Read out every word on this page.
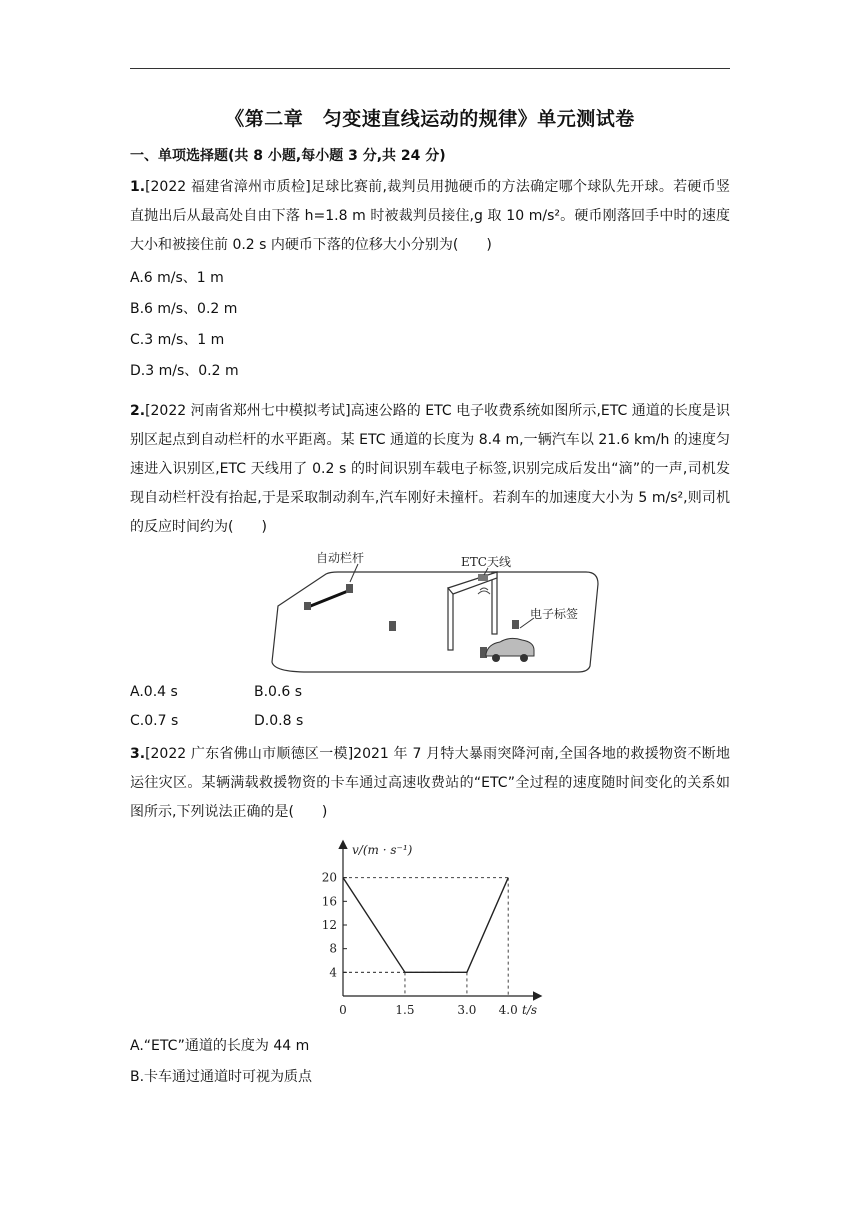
《第二章　匀变速直线运动的规律》单元测试卷
一、单项选择题(共 8 小题,每小题 3 分,共 24 分)
1.[2022 福建省漳州市质检]足球比赛前,裁判员用抛硬币的方法确定哪个球队先开球。若硬币竖直抛出后从最高处自由下落 h=1.8 m 时被裁判员接住,g 取 10 m/s²。硬币刚落回手中时的速度大小和被接住前 0.2 s 内硬币下落的位移大小分别为(　　)
A.6 m/s、1 m
B.6 m/s、0.2 m
C.3 m/s、1 m
D.3 m/s、0.2 m
2.[2022 河南省郑州七中模拟考试]高速公路的 ETC 电子收费系统如图所示,ETC 通道的长度是识别区起点到自动栏杆的水平距离。某 ETC 通道的长度为 8.4 m,一辆汽车以 21.6 km/h 的速度匀速进入识别区,ETC 天线用了 0.2 s 的时间识别车载电子标签,识别完成后发出“滴”的一声,司机发现自动栏杆没有抬起,于是采取制动刹车,汽车刚好未撞杆。若刹车的加速度大小为 5 m/s²,则司机的反应时间约为(　　)
自动栏杆	ETC天线
电子标签
A.0.4 s	B.0.6 s
C.0.7 s	D.0.8 s
3.[2022 广东省佛山市顺德区一模]2021 年 7 月特大暴雨突降河南,全国各地的救援物资不断地运往灾区。某辆满载救援物资的卡车通过高速收费站的“ETC”全过程的速度随时间变化的关系如图所示,下列说法正确的是(　　)
v/(m · s⁻¹)
t/s
4
8
12
16
20
0	1.5	3.0 4.0
A.“ETC”通道的长度为 44 m
B.卡车通过通道时可视为质点
